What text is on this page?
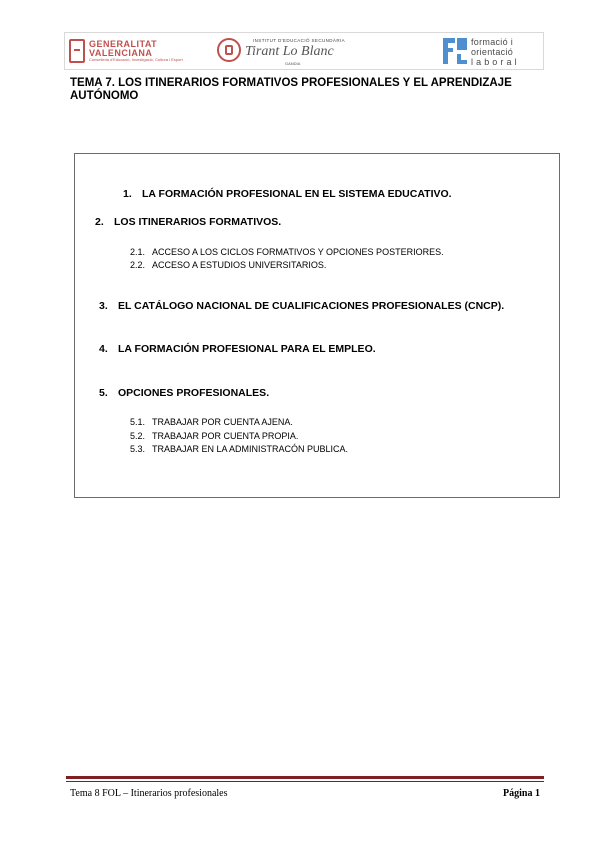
GENERALITAT
VALENCIANA
Conselleria d'Educació, Investigació, Cultura i Esport
INSTITUT D'EDUCACIÓ SECUNDÀRIA
Tirant Lo Blanc
GANDIA
formació i
orientació
l a b o r a l
TEMA 7. LOS ITINERARIOS FORMATIVOS PROFESIONALES Y EL APRENDIZAJE AUTÓNOMO
1. LA FORMACIÓN PROFESIONAL EN EL SISTEMA EDUCATIVO.
2. LOS ITINERARIOS FORMATIVOS.
2.1. ACCESO A LOS CICLOS FORMATIVOS Y OPCIONES POSTERIORES.
2.2. ACCESO A ESTUDIOS UNIVERSITARIOS.
3. EL CATÁLOGO NACIONAL DE CUALIFICACIONES PROFESIONALES (CNCP).
4. LA FORMACIÓN PROFESIONAL PARA EL EMPLEO.
5. OPCIONES PROFESIONALES.
5.1. TRABAJAR POR CUENTA AJENA.
5.2. TRABAJAR POR CUENTA PROPIA.
5.3. TRABAJAR EN LA ADMINISTRACÓN PUBLICA.
Tema 8 FOL – Itinerarios profesionales	Página 1
